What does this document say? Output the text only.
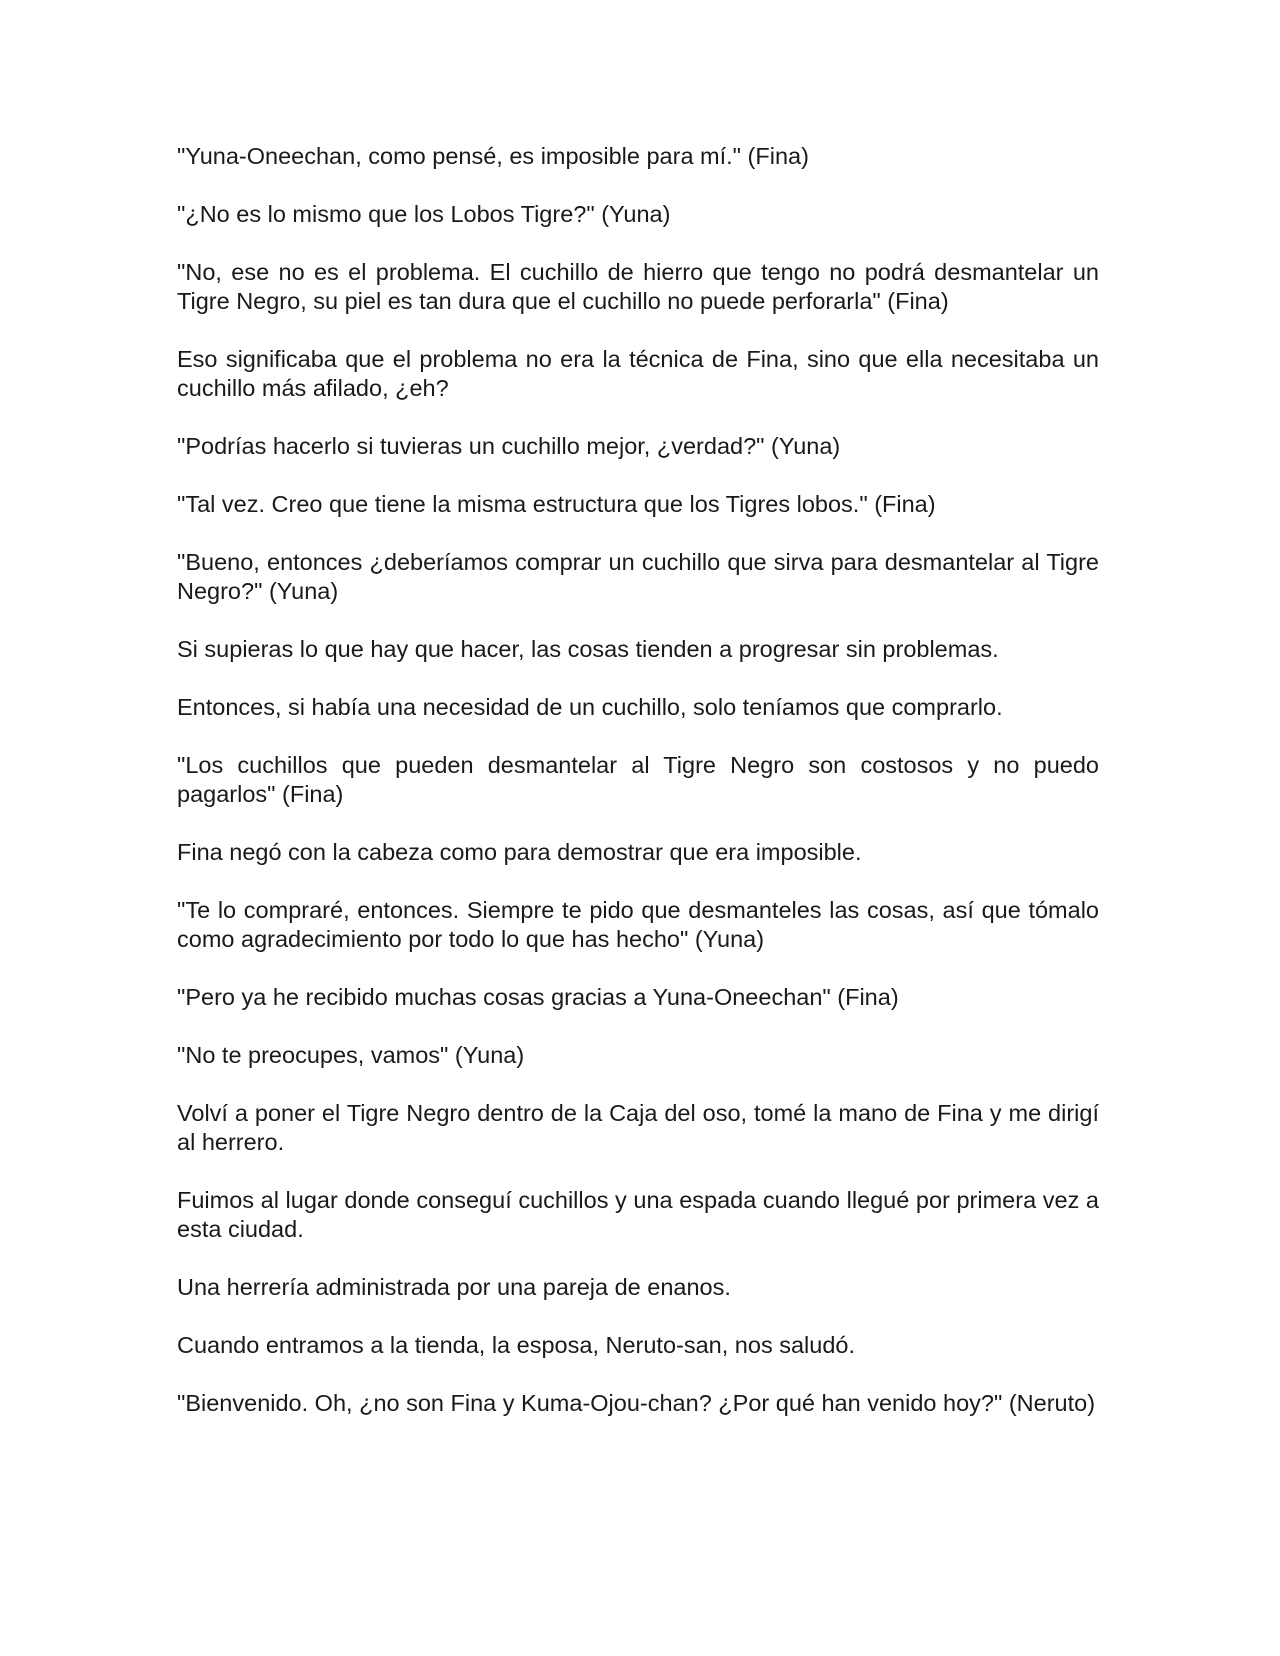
"Yuna-Oneechan, como pensé, es imposible para mí." (Fina)

"¿No es lo mismo que los Lobos Tigre?" (Yuna)

"No, ese no es el problema. El cuchillo de hierro que tengo no podrá desmantelar un Tigre Negro, su piel es tan dura que el cuchillo no puede perforarla" (Fina)

Eso significaba que el problema no era la técnica de Fina, sino que ella necesitaba un cuchillo más afilado, ¿eh?

"Podrías hacerlo si tuvieras un cuchillo mejor, ¿verdad?" (Yuna)

"Tal vez. Creo que tiene la misma estructura que los Tigres lobos." (Fina)

"Bueno, entonces ¿deberíamos comprar un cuchillo que sirva para desmantelar al Tigre Negro?" (Yuna)

Si supieras lo que hay que hacer, las cosas tienden a progresar sin problemas.

Entonces, si había una necesidad de un cuchillo, solo teníamos que comprarlo.

"Los cuchillos que pueden desmantelar al Tigre Negro son costosos y no puedo pagarlos" (Fina)

Fina negó con la cabeza como para demostrar que era imposible.

"Te lo compraré, entonces. Siempre te pido que desmanteles las cosas, así que tómalo como agradecimiento por todo lo que has hecho" (Yuna)

"Pero ya he recibido muchas cosas gracias a Yuna-Oneechan" (Fina)

"No te preocupes, vamos" (Yuna)

Volví a poner el Tigre Negro dentro de la Caja del oso, tomé la mano de Fina y me dirigí al herrero.

Fuimos al lugar donde conseguí cuchillos y una espada cuando llegué por primera vez a esta ciudad.

Una herrería administrada por una pareja de enanos.

Cuando entramos a la tienda, la esposa, Neruto-san, nos saludó.

"Bienvenido. Oh, ¿no son Fina y Kuma-Ojou-chan? ¿Por qué han venido hoy?" (Neruto)
